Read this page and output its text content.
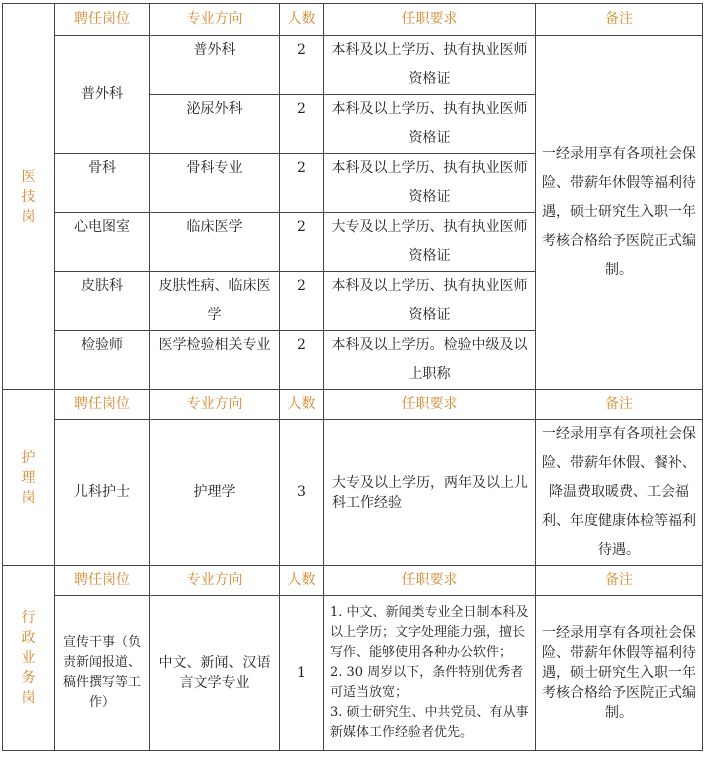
医
技
岗	聘任岗位	专业方向	人数	任职要求	备注
	普外科	普外科	2	本科及以上学历、执有执业医师资格证	一经录用享有各项社会保险、带薪年休假等福利待遇，硕士研究生入职一年考核合格给予医院正式编制。

		泌尿外科	2	本科及以上学历、执有执业医师资格证	

	骨科	骨科专业	2	本科及以上学历、执有执业医师资格证	

	心电图室	临床医学	2	大专及以上学历、执有执业医师资格证	

	皮肤科	皮肤性病、临床医学	2	本科及以上学历、执有执业医师资格证	

	检验师	医学检验相关专业	2	本科及以上学历。检验中级及以上职称	

护
理
岗	聘任岗位	专业方向	人数	任职要求	备注
	儿科护士	护理学	3	大专及以上学历，两年及以上儿科工作经验	一经录用享有各项社会保险、带薪年休假、餐补、降温费取暖费、工会福利、年度健康体检等福利待遇。

行
政
业
务
岗	聘任岗位	专业方向	人数	任职要求	备注
	宣传干事（负责新闻报道、稿件撰写等工作）	中文、新闻、汉语言文学专业	1	1. 中文、新闻类专业全日制本科及以上学历；文字处理能力强，擅长写作、能够使用各种办公软件；
2. 30 周岁以下，条件特别优秀者可适当放宽；
3. 硕士研究生、中共党员、有从事新媒体工作经验者优先。	一经录用享有各项社会保险、带薪年休假等福利待遇，硕士研究生入职一年考核合格给予医院正式编制。
